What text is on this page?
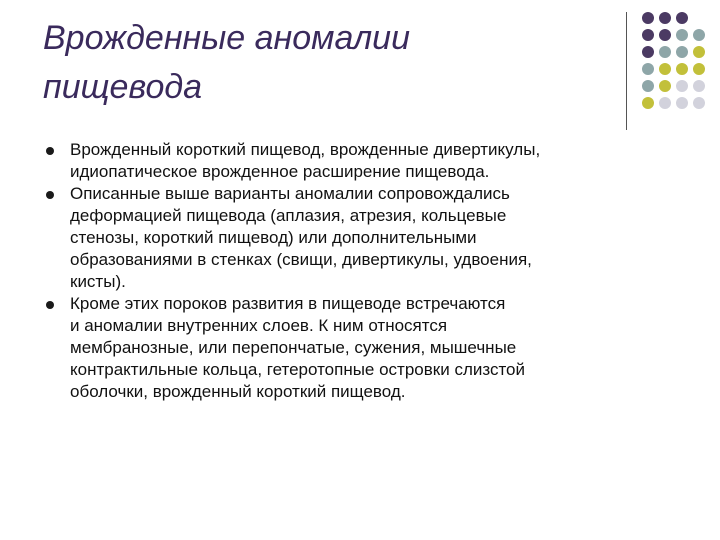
Врожденные аномалии
пищевода
Врожденный короткий пищевод, врожденные дивертикулы,
идиопатическое врожденное расширение пищевода.
Описанные выше варианты аномалии сопровождались
деформацией пищевода (аплазия, атрезия, кольцевые
стенозы, короткий пищевод) или дополнительными
образованиями в стенках (свищи, дивертикулы, удвоения,
кисты).
Кроме этих пороков развития в пищеводе встречаются
и аномалии внутренних слоев. К ним относятся
мембранозные, или перепончатые, сужения, мышечные
контрактильные кольца, гетеротопные островки слизстой
оболочки, врожденный короткий пищевод.
